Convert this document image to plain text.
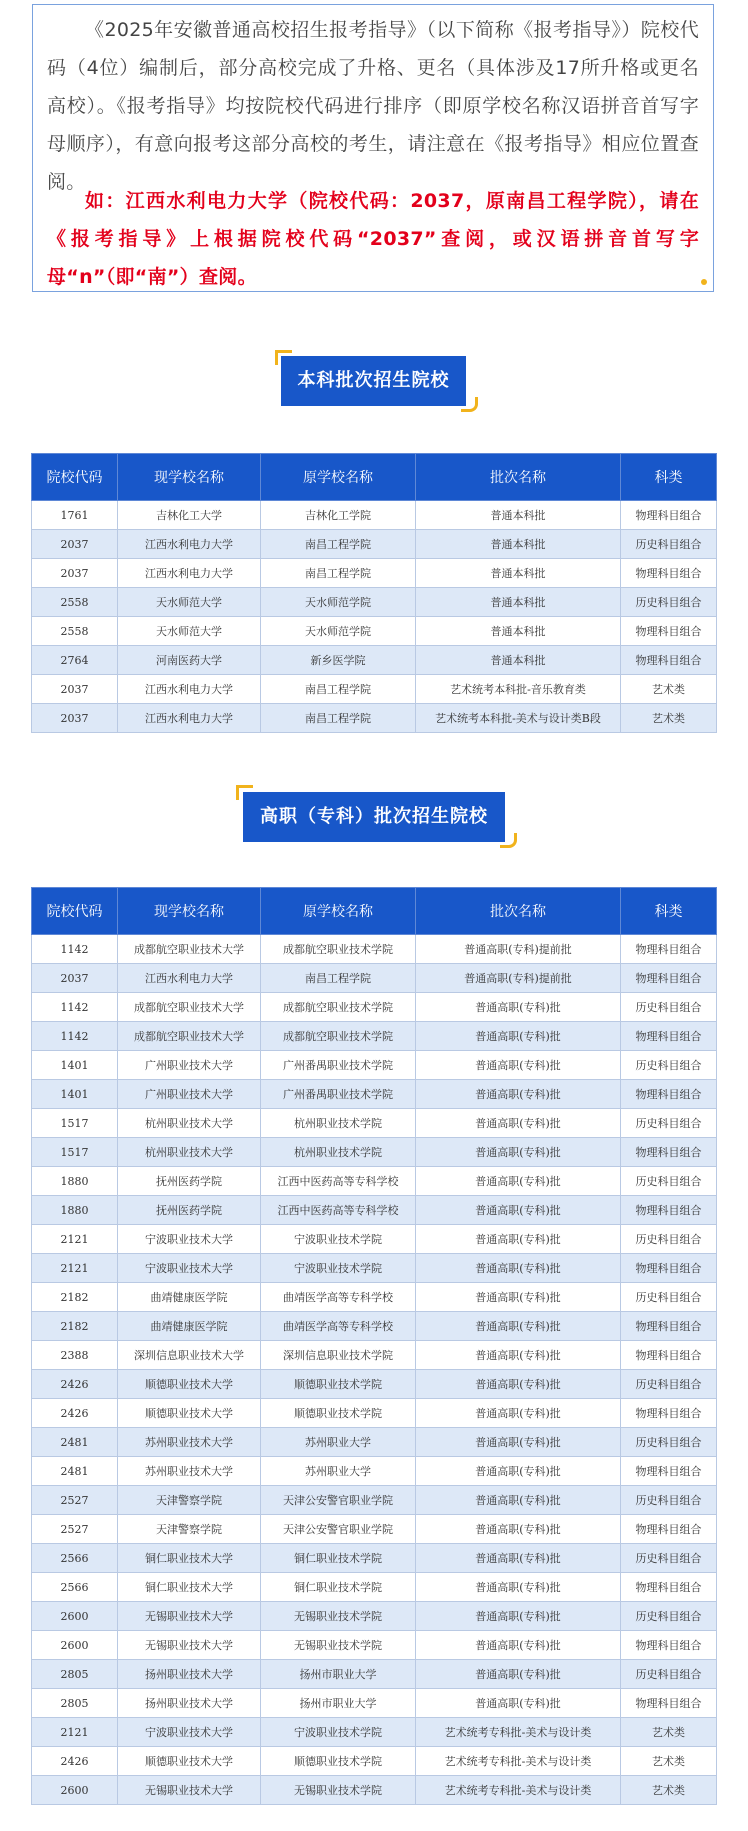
《2025年安徽普通高校招生报考指导》（以下简称《报考指导》）院校代码（4位）编制后，部分高校完成了升格、更名（具体涉及17所升格或更名高校）。《报考指导》均按院校代码进行排序（即原学校名称汉语拼音首写字母顺序），有意向报考这部分高校的考生，请注意在《报考指导》相应位置查阅。

如：江西水利电力大学（院校代码：2037，原南昌工程学院），请在《报考指导》上根据院校代码“2037”查阅，或汉语拼音首写字母“n”（即“南”）查阅。

本科批次招生院校
院校代码	现学校名称	原学校名称	批次名称	科类
1761	吉林化工大学	吉林化工学院	普通本科批	物理科目组合
2037	江西水利电力大学	南昌工程学院	普通本科批	历史科目组合
2037	江西水利电力大学	南昌工程学院	普通本科批	物理科目组合
2558	天水师范大学	天水师范学院	普通本科批	历史科目组合
2558	天水师范大学	天水师范学院	普通本科批	物理科目组合
2764	河南医药大学	新乡医学院	普通本科批	物理科目组合
2037	江西水利电力大学	南昌工程学院	艺术统考本科批-音乐教育类	艺术类
2037	江西水利电力大学	南昌工程学院	艺术统考本科批-美术与设计类B段	艺术类
高职（专科）批次招生院校
院校代码	现学校名称	原学校名称	批次名称	科类
1142	成都航空职业技术大学	成都航空职业技术学院	普通高职(专科)提前批	物理科目组合
2037	江西水利电力大学	南昌工程学院	普通高职(专科)提前批	物理科目组合
1142	成都航空职业技术大学	成都航空职业技术学院	普通高职(专科)批	历史科目组合
1142	成都航空职业技术大学	成都航空职业技术学院	普通高职(专科)批	物理科目组合
1401	广州职业技术大学	广州番禺职业技术学院	普通高职(专科)批	历史科目组合
1401	广州职业技术大学	广州番禺职业技术学院	普通高职(专科)批	物理科目组合
1517	杭州职业技术大学	杭州职业技术学院	普通高职(专科)批	历史科目组合
1517	杭州职业技术大学	杭州职业技术学院	普通高职(专科)批	物理科目组合
1880	抚州医药学院	江西中医药高等专科学校	普通高职(专科)批	历史科目组合
1880	抚州医药学院	江西中医药高等专科学校	普通高职(专科)批	物理科目组合
2121	宁波职业技术大学	宁波职业技术学院	普通高职(专科)批	历史科目组合
2121	宁波职业技术大学	宁波职业技术学院	普通高职(专科)批	物理科目组合
2182	曲靖健康医学院	曲靖医学高等专科学校	普通高职(专科)批	历史科目组合
2182	曲靖健康医学院	曲靖医学高等专科学校	普通高职(专科)批	物理科目组合
2388	深圳信息职业技术大学	深圳信息职业技术学院	普通高职(专科)批	物理科目组合
2426	顺德职业技术大学	顺德职业技术学院	普通高职(专科)批	历史科目组合
2426	顺德职业技术大学	顺德职业技术学院	普通高职(专科)批	物理科目组合
2481	苏州职业技术大学	苏州职业大学	普通高职(专科)批	历史科目组合
2481	苏州职业技术大学	苏州职业大学	普通高职(专科)批	物理科目组合
2527	天津警察学院	天津公安警官职业学院	普通高职(专科)批	历史科目组合
2527	天津警察学院	天津公安警官职业学院	普通高职(专科)批	物理科目组合
2566	铜仁职业技术大学	铜仁职业技术学院	普通高职(专科)批	历史科目组合
2566	铜仁职业技术大学	铜仁职业技术学院	普通高职(专科)批	物理科目组合
2600	无锡职业技术大学	无锡职业技术学院	普通高职(专科)批	历史科目组合
2600	无锡职业技术大学	无锡职业技术学院	普通高职(专科)批	物理科目组合
2805	扬州职业技术大学	扬州市职业大学	普通高职(专科)批	历史科目组合
2805	扬州职业技术大学	扬州市职业大学	普通高职(专科)批	物理科目组合
2121	宁波职业技术大学	宁波职业技术学院	艺术统考专科批-美术与设计类	艺术类
2426	顺德职业技术大学	顺德职业技术学院	艺术统考专科批-美术与设计类	艺术类
2600	无锡职业技术大学	无锡职业技术学院	艺术统考专科批-美术与设计类	艺术类
